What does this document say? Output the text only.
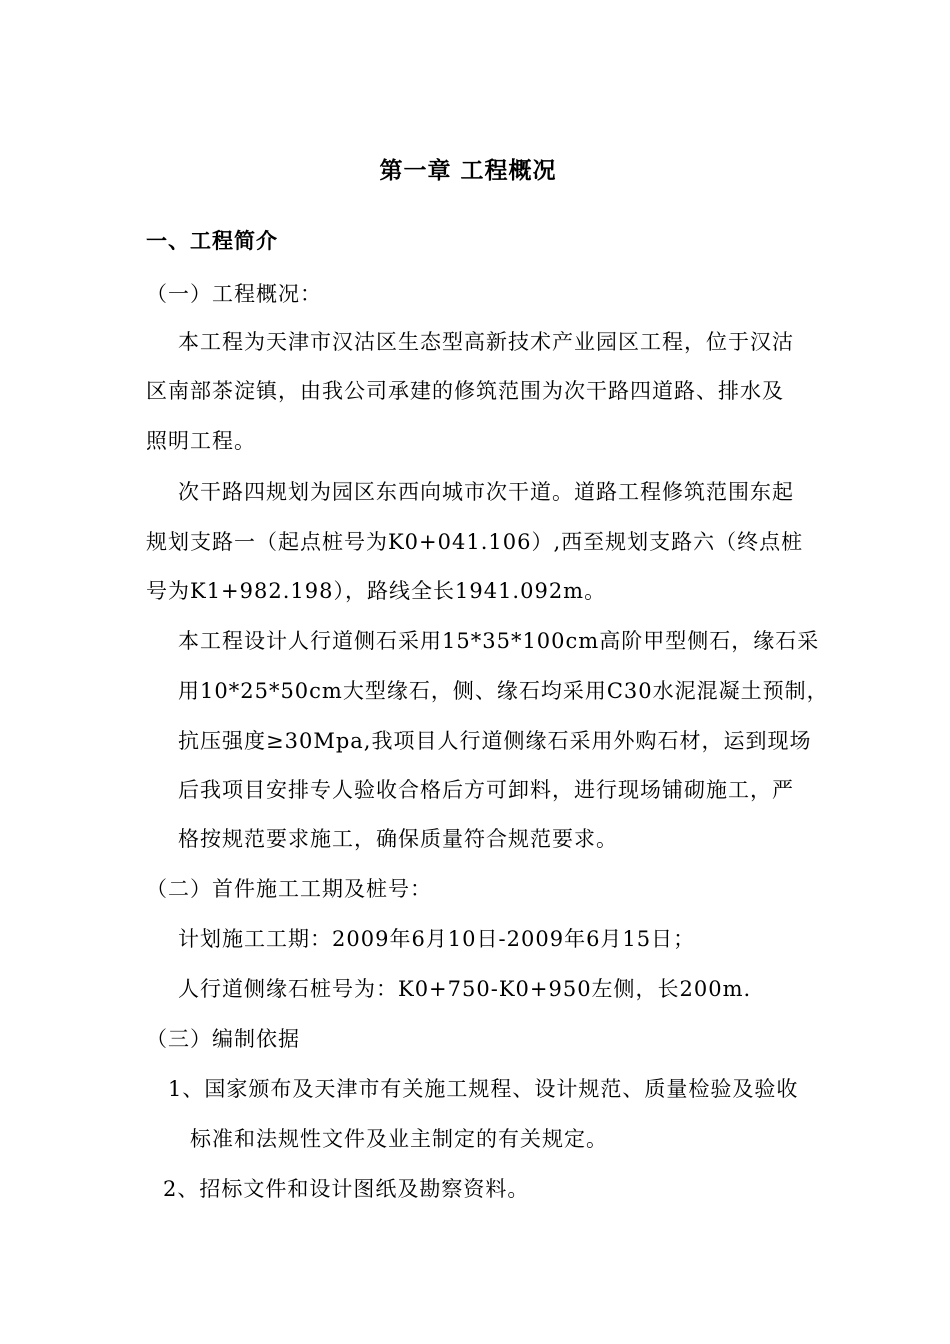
第一章 工程概况
一、工程简介
（一）工程概况：
本工程为天津市汉沽区生态型高新技术产业园区工程，位于汉沽
区南部茶淀镇，由我公司承建的修筑范围为次干路四道路、排水及
照明工程。
次干路四规划为园区东西向城市次干道。道路工程修筑范围东起
规划支路一（起点桩号为K0+041.106）,西至规划支路六（终点桩
号为K1+982.198），路线全长1941.092m。
本工程设计人行道侧石采用15*35*100cm高阶甲型侧石，缘石采
用10*25*50cm大型缘石，侧、缘石均采用C30水泥混凝土预制，
抗压强度≥30Mpa,我项目人行道侧缘石采用外购石材，运到现场
后我项目安排专人验收合格后方可卸料，进行现场铺砌施工，严
格按规范要求施工，确保质量符合规范要求。
（二）首件施工工期及桩号：
计划施工工期：2009年6月10日-2009年6月15日；
人行道侧缘石桩号为：K0+750-K0+950左侧，长200m.
（三）编制依据
1、国家颁布及天津市有关施工规程、设计规范、质量检验及验收
标准和法规性文件及业主制定的有关规定。
2、招标文件和设计图纸及勘察资料。
